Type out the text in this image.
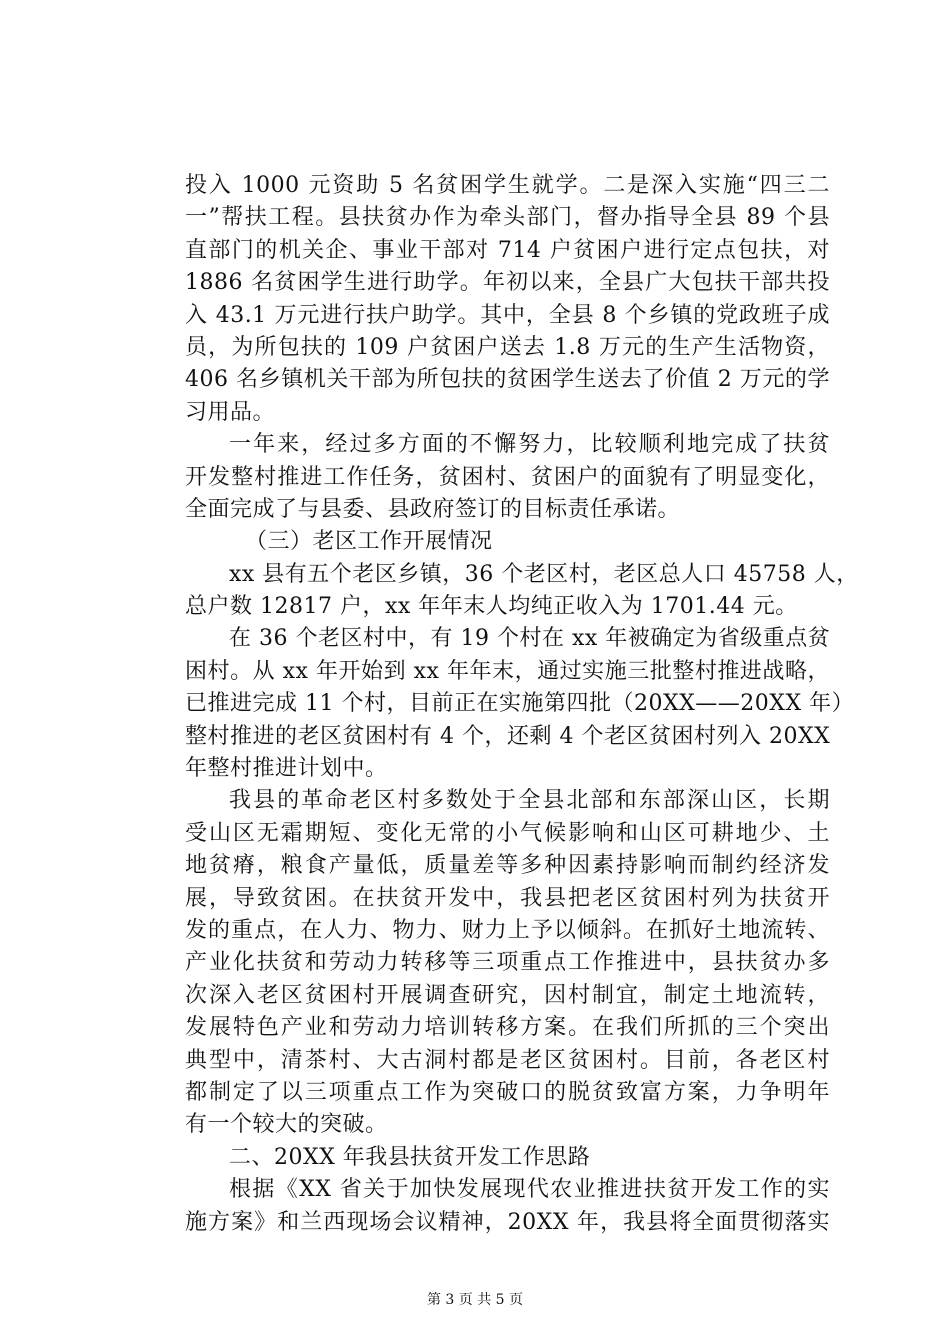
投入 1000 元资助 5 名贫困学生就学。二是深入实施“四三二
一”帮扶工程。县扶贫办作为牵头部门，督办指导全县 89 个县
直部门的机关企、事业干部对 714 户贫困户进行定点包扶，对
1886 名贫困学生进行助学。年初以来，全县广大包扶干部共投
入 43.1 万元进行扶户助学。其中，全县 8 个乡镇的党政班子成
员，为所包扶的 109 户贫困户送去 1.8 万元的生产生活物资，
406 名乡镇机关干部为所包扶的贫困学生送去了价值 2 万元的学
习用品。
一年来，经过多方面的不懈努力，比较顺利地完成了扶贫
开发整村推进工作任务，贫困村、贫困户的面貌有了明显变化，
全面完成了与县委、县政府签订的目标责任承诺。
（三）老区工作开展情况
xx 县有五个老区乡镇，36 个老区村，老区总人口 45758 人，
总户数 12817 户，xx 年年末人均纯正收入为 1701.44 元。
在 36 个老区村中，有 19 个村在 xx 年被确定为省级重点贫
困村。从 xx 年开始到 xx 年年末，通过实施三批整村推进战略，
已推进完成 11 个村，目前正在实施第四批（20XX——20XX 年）
整村推进的老区贫困村有 4 个，还剩 4 个老区贫困村列入 20XX
年整村推进计划中。
我县的革命老区村多数处于全县北部和东部深山区，长期
受山区无霜期短、变化无常的小气候影响和山区可耕地少、土
地贫瘠，粮食产量低，质量差等多种因素持影响而制约经济发
展，导致贫困。在扶贫开发中，我县把老区贫困村列为扶贫开
发的重点，在人力、物力、财力上予以倾斜。在抓好土地流转、
产业化扶贫和劳动力转移等三项重点工作推进中，县扶贫办多
次深入老区贫困村开展调查研究，因村制宜，制定土地流转，
发展特色产业和劳动力培训转移方案。在我们所抓的三个突出
典型中，清茶村、大古洞村都是老区贫困村。目前，各老区村
都制定了以三项重点工作为突破口的脱贫致富方案，力争明年
有一个较大的突破。
二、20XX 年我县扶贫开发工作思路
根据《XX 省关于加快发展现代农业推进扶贫开发工作的实
施方案》和兰西现场会议精神，20XX 年，我县将全面贯彻落实
第 3 页 共 5 页
